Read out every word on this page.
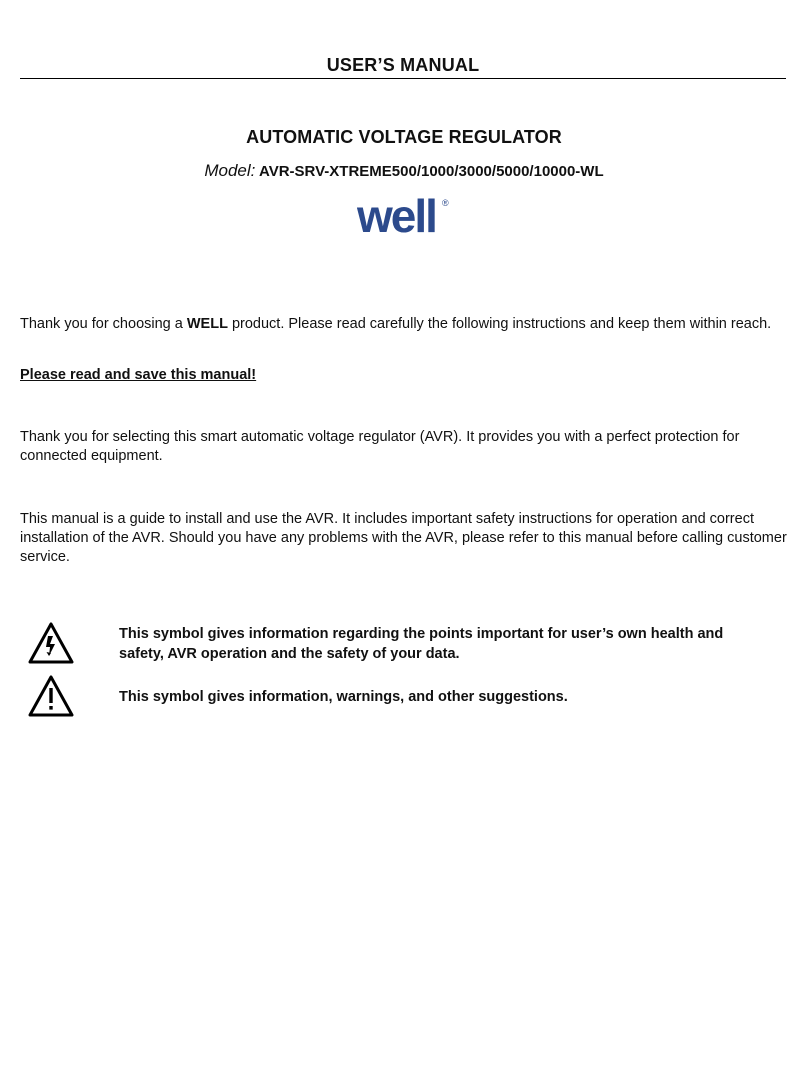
USER’S MANUAL
AUTOMATIC VOLTAGE REGULATOR
Model: AVR-SRV-XTREME500/1000/3000/5000/10000-WL
well ®
Thank you for choosing a WELL product. Please read carefully the following instructions and keep them within reach.
Please read and save this manual!
Thank you for selecting this smart automatic voltage regulator (AVR). It provides you with a perfect protection for connected equipment.
This manual is a guide to install and use the AVR. It includes important safety instructions for operation and correct installation of the AVR. Should you have any problems with the AVR, please refer to this manual before calling customer service.
This symbol gives information regarding the points important for user’s own health and safety, AVR operation and the safety of your data.
This symbol gives information, warnings, and other suggestions.
